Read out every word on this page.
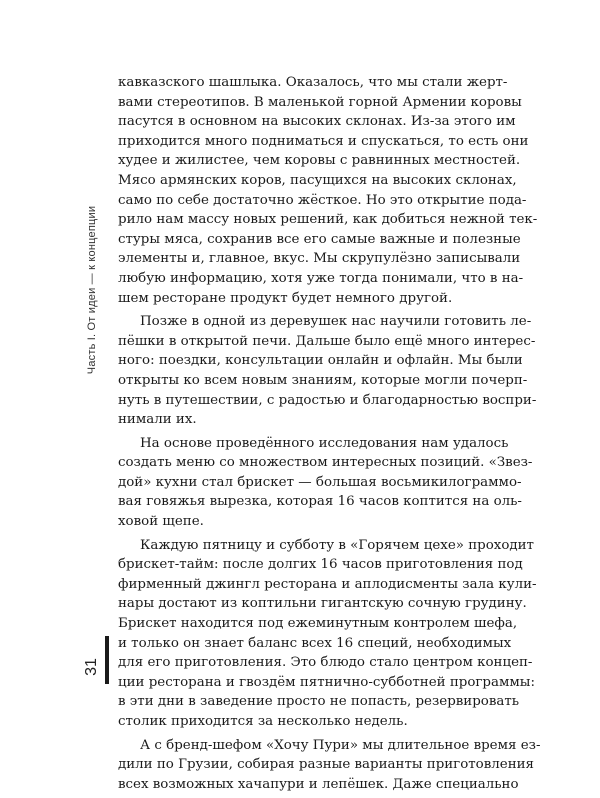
Часть I. От идеи — к концепции
31
кавказского шашлыка. Оказалось, что мы стали жерт-
вами стереотипов. В маленькой горной Армении коровы
пасутся в основном на высоких склонах. Из-за этого им
приходится много подниматься и спускаться, то есть они
худее и жилистее, чем коровы с равнинных местностей.
Мясо армянских коров, пасущихся на высоких склонах,
само по себе достаточно жёсткое. Но это открытие пода-
рило нам массу новых решений, как добиться нежной тек-
стуры мяса, сохранив все его самые важные и полезные
элементы и, главное, вкус. Мы скрупулёзно записывали
любую информацию, хотя уже тогда понимали, что в на-
шем ресторане продукт будет немного другой.
Позже в одной из деревушек нас научили готовить ле-
пёшки в открытой печи. Дальше было ещё много интерес-
ного: поездки, консультации онлайн и офлайн. Мы были
открыты ко всем новым знаниям, которые могли почерп-
нуть в путешествии, с радостью и благодарностью воспри-
нимали их.
На основе проведённого исследования нам удалось
создать меню со множеством интересных позиций. «Звез-
дой» кухни стал брискет — большая восьмикилограммо-
вая говяжья вырезка, которая 16 часов коптится на оль-
ховой щепе.
Каждую пятницу и субботу в «Горячем цехе» проходит
брискет-тайм: после долгих 16 часов приготовления под
фирменный джингл ресторана и аплодисменты зала кули-
нары достают из коптильни гигантскую сочную грудину.
Брискет находится под ежеминутным контролем шефа,
и только он знает баланс всех 16 специй, необходимых
для его приготовления. Это блюдо стало центром концеп-
ции ресторана и гвоздём пятнично-субботней программы:
в эти дни в заведение просто не попасть, резервировать
столик приходится за несколько недель.
А с бренд-шефом «Хочу Пури» мы длительное время ез-
дили по Грузии, собирая разные варианты приготовления
всех возможных хачапури и лепёшек. Даже специально
